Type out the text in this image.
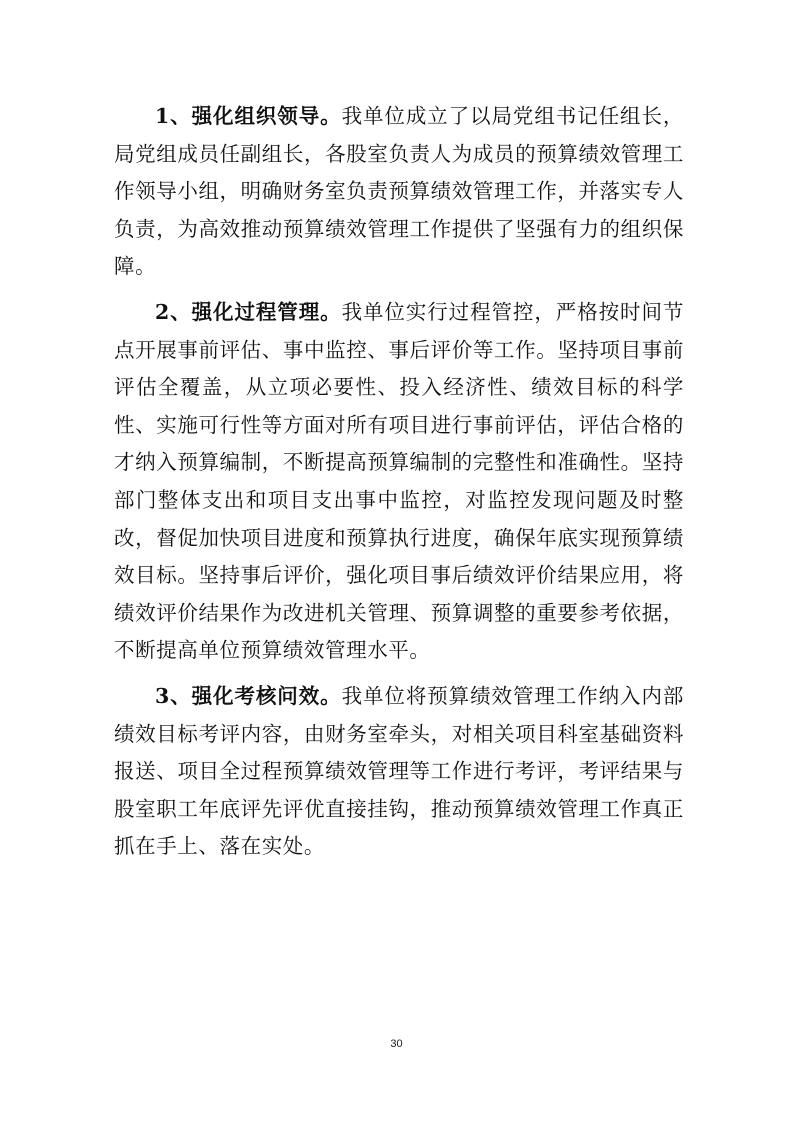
1、强化组织领导。我单位成立了以局党组书记任组长，局党组成员任副组长，各股室负责人为成员的预算绩效管理工作领导小组，明确财务室负责预算绩效管理工作，并落实专人负责，为高效推动预算绩效管理工作提供了坚强有力的组织保障。

2、强化过程管理。我单位实行过程管控，严格按时间节点开展事前评估、事中监控、事后评价等工作。坚持项目事前评估全覆盖，从立项必要性、投入经济性、绩效目标的科学性、实施可行性等方面对所有项目进行事前评估，评估合格的才纳入预算编制，不断提高预算编制的完整性和准确性。坚持部门整体支出和项目支出事中监控，对监控发现问题及时整改，督促加快项目进度和预算执行进度，确保年底实现预算绩效目标。坚持事后评价，强化项目事后绩效评价结果应用，将绩效评价结果作为改进机关管理、预算调整的重要参考依据，不断提高单位预算绩效管理水平。

3、强化考核问效。我单位将预算绩效管理工作纳入内部绩效目标考评内容，由财务室牵头，对相关项目科室基础资料报送、项目全过程预算绩效管理等工作进行考评，考评结果与股室职工年底评先评优直接挂钩，推动预算绩效管理工作真正抓在手上、落在实处。

30
